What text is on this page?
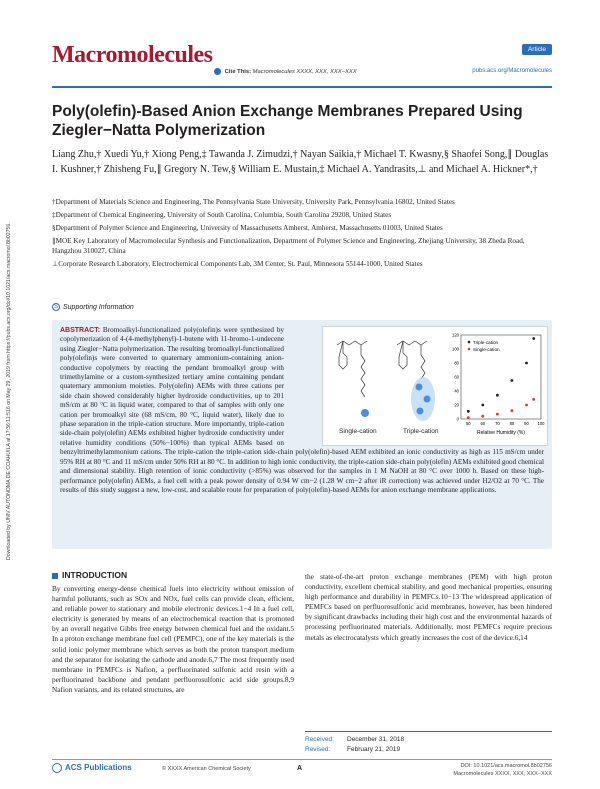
Downloaded by UNIV AUTONOMA DE COAHUILA at 17:36:11:516 on May 29, 2019 from https://pubs.acs.org/doi/10.1021/acs.macromol.8b02756.
Macromolecules	Article
Cite This: Macromolecules XXXX, XXX, XXX−XXX	pubs.acs.org/Macromolecules
Poly(olefin)-Based Anion Exchange Membranes Prepared Using Ziegler−Natta Polymerization
Liang Zhu,† Xuedi Yu,† Xiong Peng,‡ Tawanda J. Zimudzi,† Nayan Saikia,† Michael T. Kwasny,§ Shaofei Song,∥ Douglas I. Kushner,† Zhisheng Fu,∥ Gregory N. Tew,§ William E. Mustain,‡ Michael A. Yandrasits,⊥ and Michael A. Hickner*,†
†Department of Materials Science and Engineering, The Pennsylvania State University, University Park, Pennsylvania 16802, United States
‡Department of Chemical Engineering, University of South Carolina, Columbia, South Carolina 29208, United States
§Department of Polymer Science and Engineering, University of Massachusetts Amherst, Amherst, Massachusetts 01003, United States
∥MOE Key Laboratory of Macromolecular Synthesis and Functionalization, Department of Polymer Science and Engineering, Zhejiang University, 38 Zheda Road, Hangzhou 310027, China
⊥Corporate Research Laboratory, Electrochemical Components Lab, 3M Center, St. Paul, Minnesota 55144-1000, United States
S Supporting Information
ABSTRACT: Bromoalkyl-functionalized poly(olefin)s were synthesized by copolymerization of 4-(4-methylphenyl)-1-butene with 11-bromo-1-undecene using Ziegler−Natta polymerization. The resulting bromoalkyl-functionalized poly(olefin)s were converted to quaternary ammonium-containing anion-conductive copolymers by reacting the pendant bromoalkyl group with trimethylamine or a custom-synthesized tertiary amine containing pendant quaternary ammonium moieties. Poly(olefin) AEMs with three cations per side chain showed considerably higher hydroxide conductivities, up to 201 mS/cm at 80 °C in liquid water, compared to that of samples with only one cation per bromoalkyl site (68 mS/cm, 80 °C, liquid water), likely due to phase separation in the triple-cation structure. More importantly, triple-cation side-chain poly(olefin) AEMs exhibited higher hydroxide conductivity under relative humidity conditions (50%−100%) than typical AEMs based on benzyltrimethylammonium cations. The triple-cation the triple-cation side-chain poly(olefin)-based AEM exhibited an ionic conductivity as high as 115 mS/cm under 95% RH at 80 °C and 11 mS/cm under 50% RH at 80 °C. In addition to high ionic conductivity, the triple-cation side-chain poly(olefin) AEMs exhibited good chemical and dimensional stability. High retention of ionic conductivity (>85%) was observed for the samples in 1 M NaOH at 80 °C over 1000 h. Based on these high-performance poly(olefin) AEMs, a fuel cell with a peak power density of 0.94 W cm−2 (1.28 W cm−2 after iR correction) was achieved under H2/O2 at 70 °C. The results of this study suggest a new, low-cost, and scalable route for preparation of poly(olefin)-based AEMs for anion exchange membrane applications.
50 60 70 80 90 100
0
20
40
60
80
100
120
Relative Humidity (%)
Triple-cation
Single-cation
Single-cation	Triple-cation
INTRODUCTION
By converting energy-dense chemical fuels into electricity without emission of harmful pollutants, such as SOx and NOx, fuel cells can provide clean, efficient, and reliable power to stationary and mobile electronic devices.1−4 In a fuel cell, electricity is generated by means of an electrochemical reaction that is promoted by an overall negative Gibbs free energy between chemical fuel and the oxidant.5 In a proton exchange membrane fuel cell (PEMFC), one of the key materials is the solid ionic polymer membrane which serves as both the proton transport medium and the separator for isolating the cathode and anode.6,7 The most frequently used membrane in PEMFCs is Nafion, a perfluorinated sulfonic acid resin with a perfluorinated backbone and pendant perfluorosulfonic acid side groups.8,9 Nafion variants, and its related structures, are
the state-of-the-art proton exchange membranes (PEM) with high proton conductivity, excellent chemical stability, and good mechanical properties, ensuring high performance and durability in PEMFCs.10−13 The widespread application of PEMFCs based on perfluorosulfonic acid membranes, however, has been hindered by significant drawbacks including their high cost and the environmental hazards of processing perfluorinated materials. Additionally, most PEMFCs require precious metals as electrocatalysts which greatly increases the cost of the device.6,14
Received: December 31, 2018
Revised:	February 21, 2019
ACS Publications	© XXXX American Chemical Society	A	DOI: 10.1021/acs.macromol.8b02756
Macromolecules XXXX, XXX, XXX−XXX
